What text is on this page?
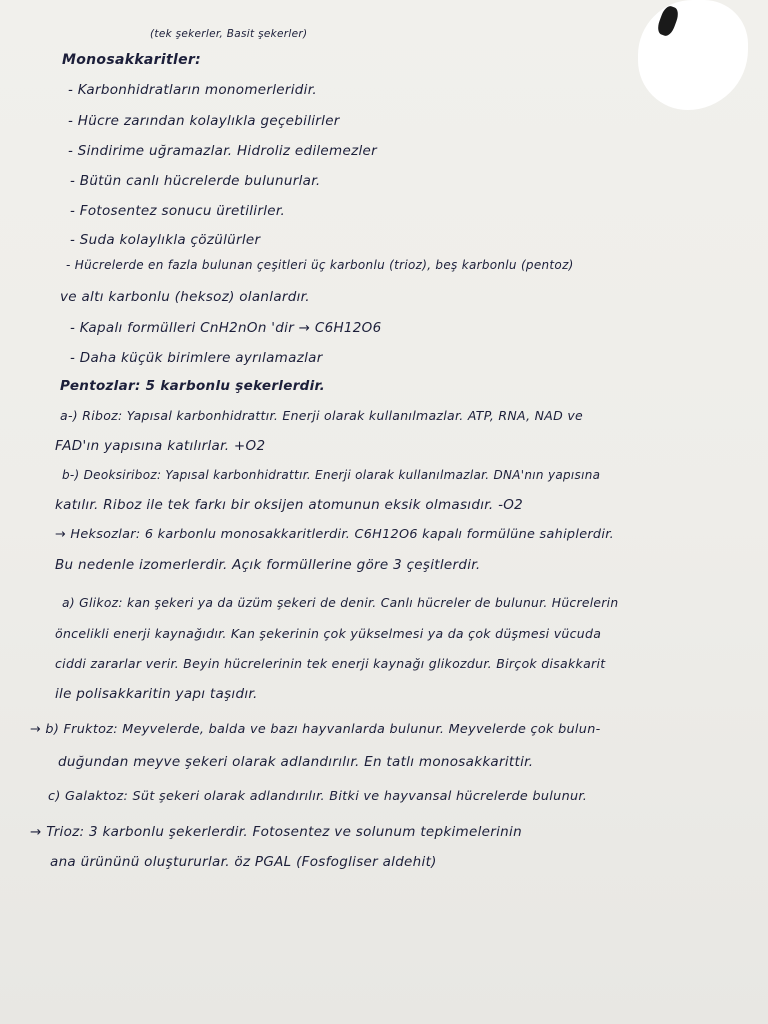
(tek şekerler, Basit şekerler)
Monosakkaritler:
- Karbonhidratların monomerleridir.
- Hücre zarından kolaylıkla geçebilirler
- Sindirime uğramazlar. Hidroliz edilemezler
- Bütün canlı hücrelerde bulunurlar.
- Fotosentez sonucu üretilirler.
- Suda kolaylıkla çözülürler
- Hücrelerde en fazla bulunan çeşitleri üç karbonlu (trioz), beş karbonlu (pentoz)
ve altı karbonlu (heksoz) olanlardır.
- Kapalı formülleri CnH2nOn 'dir → C6H12O6
- Daha küçük birimlere ayrılamazlar
Pentozlar: 5 karbonlu şekerlerdir.
a-) Riboz: Yapısal karbonhidrattır. Enerji olarak kullanılmazlar. ATP, RNA, NAD ve
FAD'ın yapısına katılırlar. +O2
b-) Deoksiriboz: Yapısal karbonhidrattır. Enerji olarak kullanılmazlar. DNA'nın yapısına
katılır. Riboz ile tek farkı bir oksijen atomunun eksik olmasıdır. -O2
→ Heksozlar: 6 karbonlu monosakkaritlerdir. C6H12O6 kapalı formülüne sahiplerdir.
Bu nedenle izomerlerdir. Açık formüllerine göre 3 çeşitlerdir.
a) Glikoz: kan şekeri ya da üzüm şekeri de denir. Canlı hücreler de bulunur. Hücrelerin
öncelikli enerji kaynağıdır. Kan şekerinin çok yükselmesi ya da çok düşmesi vücuda
ciddi zararlar verir. Beyin hücrelerinin tek enerji kaynağı glikozdur. Birçok disakkarit
ile polisakkaritin yapı taşıdır.
→ b) Fruktoz: Meyvelerde, balda ve bazı hayvanlarda bulunur. Meyvelerde çok bulun-
duğundan meyve şekeri olarak adlandırılır. En tatlı monosakkarittir.
c) Galaktoz: Süt şekeri olarak adlandırılır. Bitki ve hayvansal hücrelerde bulunur.
→ Trioz: 3 karbonlu şekerlerdir. Fotosentez ve solunum tepkimelerinin
ana ürününü oluştururlar. öz PGAL (Fosfogliser aldehit)
